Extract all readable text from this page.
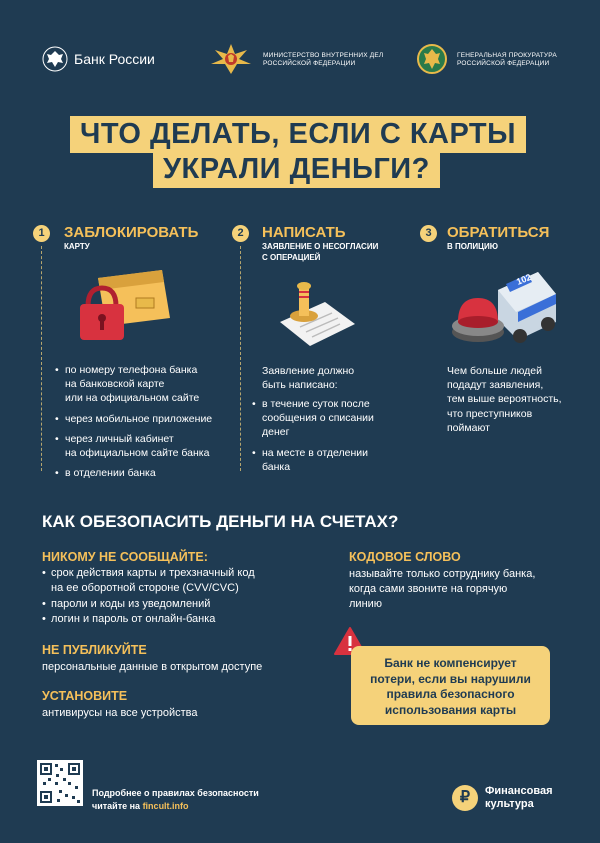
Банк России	МИНИСТЕРСТВО ВНУТРЕННИХ ДЕЛ
РОССИЙСКОЙ ФЕДЕРАЦИИ
ГЕНЕРАЛЬНАЯ ПРОКУРАТУРА
РОССИЙСКОЙ ФЕДЕРАЦИИ
ЧТО ДЕЛАТЬ, ЕСЛИ С КАРТЫ
УКРАЛИ ДЕНЬГИ?
1	ЗАБЛОКИРОВАТЬ
КАРТУ
• по номеру телефона банка
на банковской карте
или на официальном сайте
• через мобильное приложение
• через личный кабинет
на официальном сайте банка
• в отделении банка
2	НАПИСАТЬ
ЗАЯВЛЕНИЕ О НЕСОГЛАСИИ
С ОПЕРАЦИЕЙ
Заявление должно
быть написано:
• в течение суток после
сообщения о списании
денег
• на месте в отделении
банка
3	ОБРАТИТЬСЯ
В ПОЛИЦИЮ
102
Чем больше людей
подадут заявления,
тем выше вероятность,
что преступников
поймают
КАК ОБЕЗОПАСИТЬ ДЕНЬГИ НА СЧЕТАХ?
НИКОМУ НЕ СООБЩАЙТЕ:
• срок действия карты и трехзначный код
на ее оборотной стороне (CVV/CVC)
• пароли и коды из уведомлений
• логин и пароль от онлайн-банка
НЕ ПУБЛИКУЙТЕ
персональные данные в открытом доступе
УСТАНОВИТЕ
антивирусы на все устройства
КОДОВОЕ СЛОВО
называйте только сотруднику банка,
когда сами звоните на горячую
линию
Банк не компенсирует
потери, если вы нарушили
правила безопасного
использования карты
Подробнее о правилах безопасности
читайте на fincult.info
₽	Финансовая
культура
